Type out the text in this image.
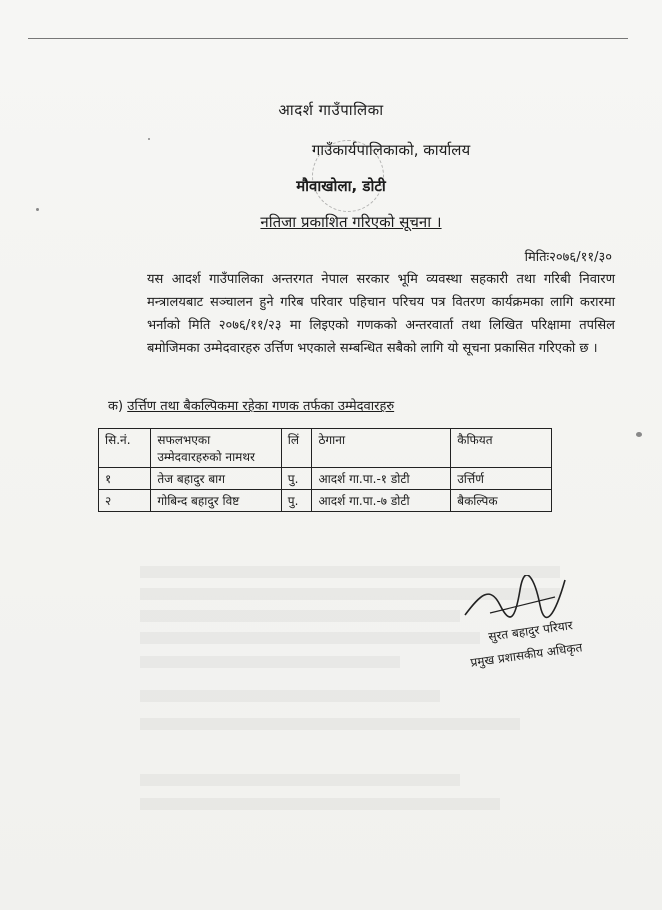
आदर्श गाउँपालिका
गाउँकार्यपालिकाको, कार्यालय
मौवाखोला, डोटी
नतिजा प्रकाशित गरिएको सूचना ।
मितिः२०७६/११/३०
यस आदर्श गाउँपालिका अन्तरगत नेपाल सरकार भूमि व्यवस्था सहकारी तथा गरिबी निवारण मन्त्रालयबाट सञ्चालन हुने गरिब परिवार पहिचान परिचय पत्र वितरण कार्यक्रमका लागि करारमा भर्नाको मिति २०७६/११/२३ मा लिइएको गणकको अन्तरवार्ता तथा लिखित परिक्षामा तपसिल बमोजिमका उम्मेदवारहरु उर्त्तिण भएकाले सम्बन्धित सबैको लागि यो सूचना प्रकासित गरिएको छ ।
क) उर्त्तिण तथा बैकल्पिकमा रहेका गणक तर्फका उम्मेदवारहरु
सि.नं.	सफलभएका उम्मेदवारहरुको नामथर	लिं	ठेगाना	कैफियत
१	तेज बहादुर बाग	पु.	आदर्श गा.पा.-१ डोटी	उर्त्तिर्ण
२	गोबिन्द बहादुर विष्ट	पु.	आदर्श गा.पा.-७ डोटी	बैकल्पिक
सुरत बहादुर परियार
प्रमुख प्रशासकीय अधिकृत
